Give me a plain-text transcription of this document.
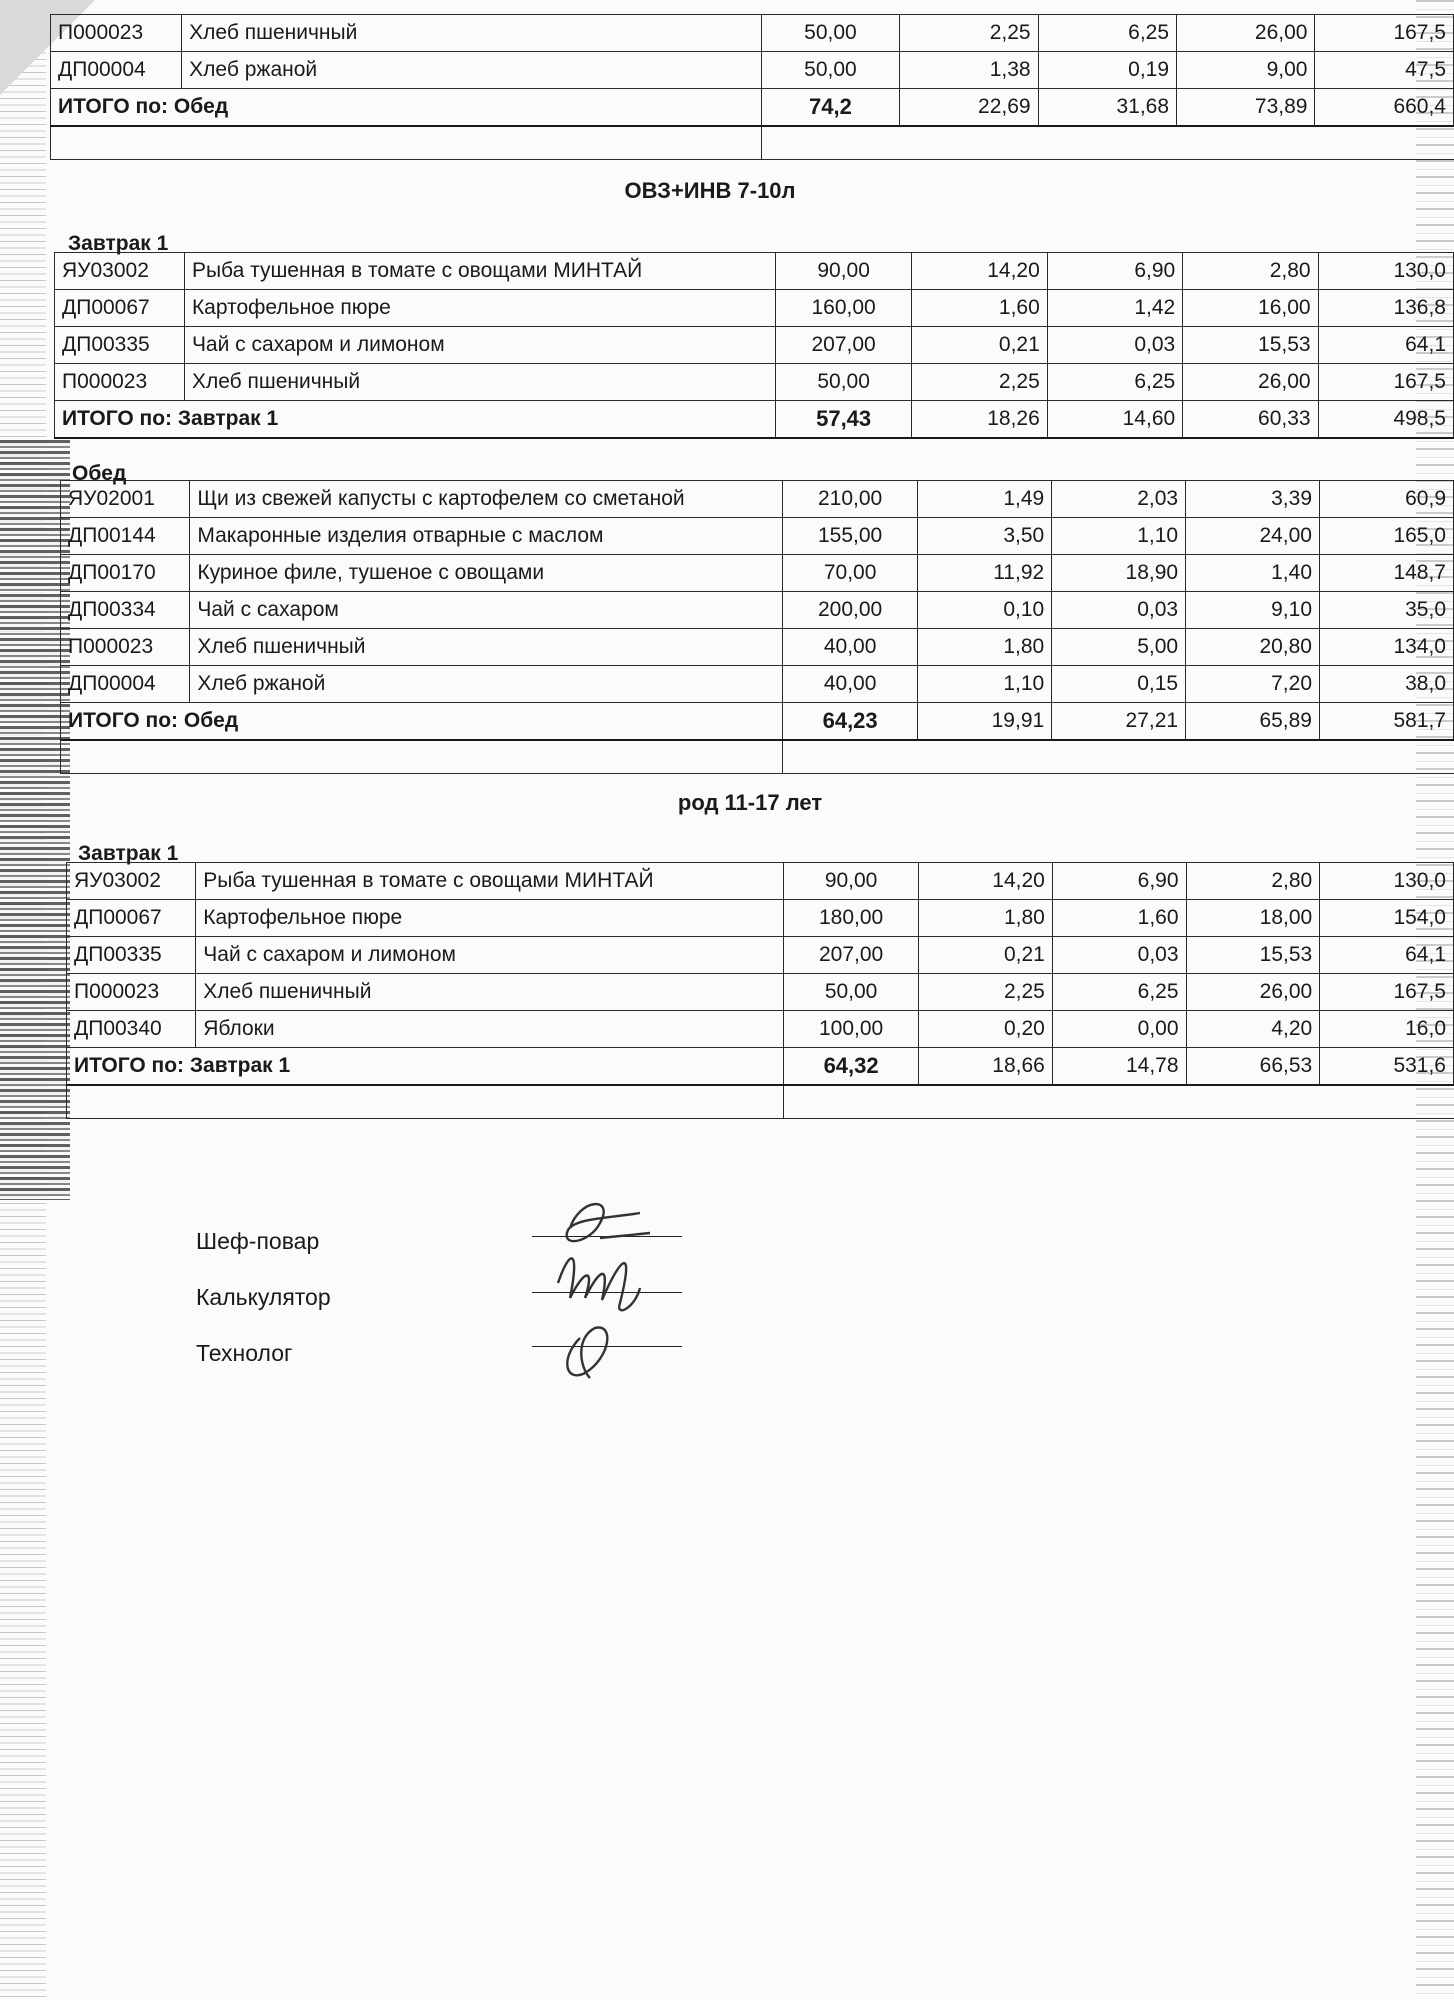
П000023	Хлеб пшеничный	50,00	2,25	6,25	26,00	167,5
ДП00004	Хлеб ржаной	50,00	1,38	0,19	9,00	47,5
ИТОГО по: Обед		74,2	22,69	31,68	73,89	660,4

ОВЗ+ИНВ 7-10л
Завтрак 1
ЯУ03002	Рыба тушенная в томате с овощами МИНТАЙ	90,00	14,20	6,90	2,80	130,0
ДП00067	Картофельное пюре	160,00	1,60	1,42	16,00	136,8
ДП00335	Чай с сахаром и лимоном	207,00	0,21	0,03	15,53	64,1
П000023	Хлеб пшеничный	50,00	2,25	6,25	26,00	167,5
ИТОГО по: Завтрак 1		57,43	18,26	14,60	60,33	498,5
Обед
ЯУ02001	Щи из свежей капусты с картофелем со сметаной	210,00	1,49	2,03	3,39	60,9
ДП00144	Макаронные изделия отварные с маслом	155,00	3,50	1,10	24,00	165,0
ДП00170	Куриное филе, тушеное с овощами	70,00	11,92	18,90	1,40	148,7
ДП00334	Чай с сахаром	200,00	0,10	0,03	9,10	35,0
П000023	Хлеб пшеничный	40,00	1,80	5,00	20,80	134,0
ДП00004	Хлеб ржаной	40,00	1,10	0,15	7,20	38,0
ИТОГО по: Обед		64,23	19,91	27,21	65,89	581,7

род 11-17 лет
Завтрак 1
ЯУ03002	Рыба тушенная в томате с овощами МИНТАЙ	90,00	14,20	6,90	2,80	130,0
ДП00067	Картофельное пюре	180,00	1,80	1,60	18,00	154,0
ДП00335	Чай с сахаром и лимоном	207,00	0,21	0,03	15,53	64,1
П000023	Хлеб пшеничный	50,00	2,25	6,25	26,00	167,5
ДП00340	Яблоки	100,00	0,20	0,00	4,20	16,0
ИТОГО по: Завтрак 1		64,32	18,66	14,78	66,53	531,6

Шеф-повар
Калькулятор
Технолог
